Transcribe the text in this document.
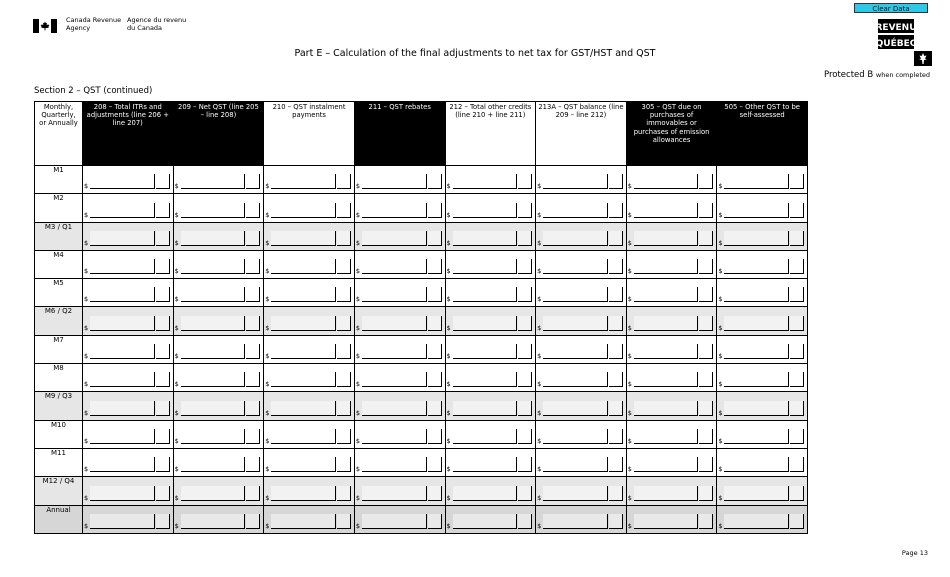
Canada Revenue Agency
Agence du revenu du Canada
Clear Data
REVENU
QUÉBEC
Part E – Calculation of the final adjustments to net tax for GST/HST and QST
Protected B when completed
Section 2 – QST (continued)
Monthly, Quarterly, or Annually	208 – Total ITRs and adjustments (line 206 + line 207)	209 – Net QST (line 205 – line 208)	210 – QST instalment payments	211 – QST rebates	212 – Total other credits (line 210 + line 211)	213A – QST balance (line 209 – line 212)	305 – QST due on purchases of immovables or purchases of emission allowances	505 – Other QST to be self-assessed
M1	$	$	$	$	$	$	$	$

M2	$	$	$	$	$	$	$	$

M3 / Q1	$	$	$	$	$	$	$	$

M4	$	$	$	$	$	$	$	$

M5	$	$	$	$	$	$	$	$

M6 / Q2	$	$	$	$	$	$	$	$

M7	$	$	$	$	$	$	$	$

M8	$	$	$	$	$	$	$	$

M9 / Q3	$	$	$	$	$	$	$	$

M10	$	$	$	$	$	$	$	$

M11	$	$	$	$	$	$	$	$

M12 / Q4	$	$	$	$	$	$	$	$

Annual	$	$	$	$	$	$	$	$
Page 13
